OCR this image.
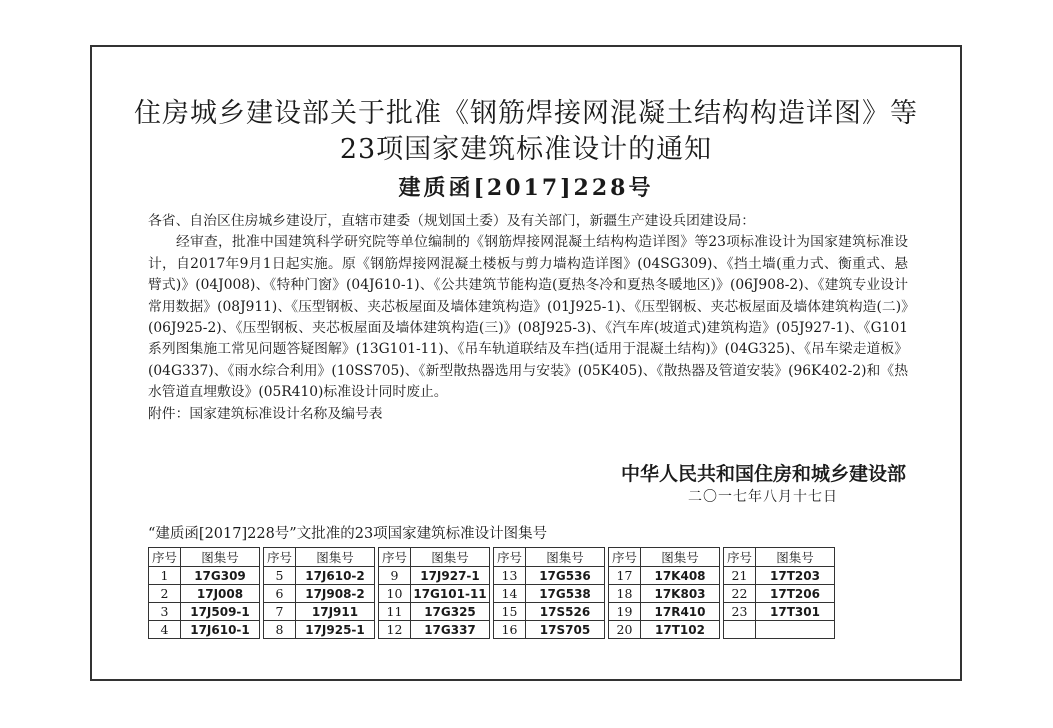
住房城乡建设部关于批准《钢筋焊接网混凝土结构构造详图》等
23项国家建筑标准设计的通知
建质函[2017]228号

各省、自治区住房城乡建设厅，直辖市建委（规划国土委）及有关部门，新疆生产建设兵团建设局：

经审查，批准中国建筑科学研究院等单位编制的《钢筋焊接网混凝土结构构造详图》等23项标准设计为国家建筑标准设计，自2017年9月1日起实施。原《钢筋焊接网混凝土楼板与剪力墙构造详图》(04SG309)、《挡土墙(重力式、衡重式、悬臂式)》(04J008)、《特种门窗》(04J610-1)、《公共建筑节能构造(夏热冬冷和夏热冬暖地区)》(06J908-2)、《建筑专业设计常用数据》(08J911)、《压型钢板、夹芯板屋面及墙体建筑构造》(01J925-1)、《压型钢板、夹芯板屋面及墙体建筑构造(二)》(06J925-2)、《压型钢板、夹芯板屋面及墙体建筑构造(三)》(08J925-3)、《汽车库(坡道式)建筑构造》(05J927-1)、《G101系列图集施工常见问题答疑图解》(13G101-11)、《吊车轨道联结及车挡(适用于混凝土结构)》(04G325)、《吊车梁走道板》(04G337)、《雨水综合利用》(10SS705)、《新型散热器选用与安装》(05K405)、《散热器及管道安装》(96K402-2)和《热水管道直埋敷设》(05R410)标准设计同时废止。

附件：国家建筑标准设计名称及编号表

中华人民共和国住房和城乡建设部
二〇一七年八月十七日
“建质函[2017]228号”文批准的23项国家建筑标准设计图集号
序号	图集号
1	17G309
2	17J008
3	17J509-1
4	17J610-1
序号	图集号
5	17J610-2
6	17J908-2
7	17J911
8	17J925-1
序号	图集号
9	17J927-1
10	17G101-11
11	17G325
12	17G337
序号	图集号
13	17G536
14	17G538
15	17S526
16	17S705
序号	图集号
17	17K408
18	17K803
19	17R410
20	17T102
序号	图集号
21	17T203
22	17T206
23	17T301
